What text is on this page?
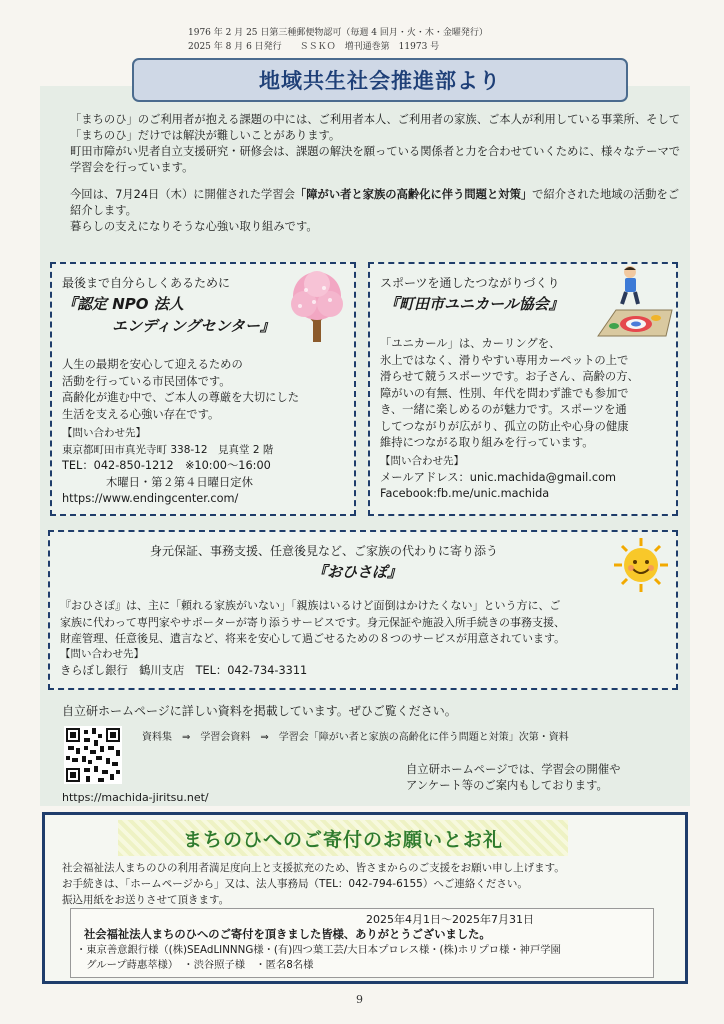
1976 年 2 月 25 日第三種郵便物認可（毎週 4 回月・火・木・金曜発行）
2025 年 8 月 6 日発行　　ＳＳＫＯ　増刊通巻第　11973 号
地域共生社会推進部より

「まちのひ」のご利用者が抱える課題の中には、ご利用者本人、ご利用者の家族、ご本人が利用している事業所、そして「まちのひ」だけでは解決が難しいことがあります。
町田市障がい児者自立支援研究・研修会は、課題の解決を願っている関係者と力を合わせていくために、様々なテーマで学習会を行っています。

今回は、7月24日（木）に開催された学習会「障がい者と家族の高齢化に伴う問題と対策」で紹介された地域の活動をご紹介します。
暮らしの支えになりそうな心強い取り組みです。

最後まで自分らしくあるために
『認定 NPO 法人
エンディングセンター』
人生の最期を安心して迎えるための
活動を行っている市民団体です。
高齢化が進む中で、ご本人の尊厳を大切にした
生活を支える心強い存在です。
【問い合わせ先】
東京都町田市真光寺町 338-12　見真堂 2 階
TEL：042-850-1212　※10:00～16:00
木曜日・第２第４日曜日定休
https://www.endingcenter.com/
スポーツを通したつながりづくり
『町田市ユニカール協会』
「ユニカール」は、カーリングを、
氷上ではなく、滑りやすい専用カーペットの上で
滑らせて競うスポーツです。お子さん、高齢の方、
障がいの有無、性別、年代を問わず誰でも参加で
き、一緒に楽しめるのが魅力です。スポーツを通
してつながりが広がり、孤立の防止や心身の健康
維持につながる取り組みを行っています。
【問い合わせ先】
メールアドレス：unic.machida@gmail.com
Facebook:fb.me/unic.machida
身元保証、事務支援、任意後見など、ご家族の代わりに寄り添う
『おひさぽ』
『おひさぽ』は、主に「頼れる家族がいない」「親族はいるけど面倒はかけたくない」という方に、ご
家族に代わって専門家やサポーターが寄り添うサービスです。身元保証や施設入所手続きの事務支援、
財産管理、任意後見、遺言など、将来を安心して過ごせるための８つのサービスが用意されています。
【問い合わせ先】
きらぼし銀行　鶴川支店　TEL：042-734-3311
自立研ホームページに詳しい資料を掲載しています。ぜひご覧ください。
資料集　⇒　学習会資料　⇒　学習会「障がい者と家族の高齢化に伴う問題と対策」次第・資料
https://machida-jiritsu.net/
自立研ホームページでは、学習会の開催や
アンケート等のご案内もしております。
まちのひへのご寄付のお願いとお礼
社会福祉法人まちのひの利用者満足度向上と支援拡充のため、皆さまからのご支援をお願い申し上げます。
お手続きは、「ホームページから」又は、法人事務局（TEL：042-794-6155）へご連絡ください。
振込用紙をお送りさせて頂きます。
2025年4月1日～2025年7月31日
社会福祉法人まちのひへのご寄付を頂きました皆様、ありがとうございました。
・東京善意銀行様（(株)SEAdLINNNG様・(有)四つ葉工芸/大日本プロレス様・(株)ホリプロ様・神戸学園
　グループ蒔惠萃様）　・渋谷照子様　・匿名8名様
9
